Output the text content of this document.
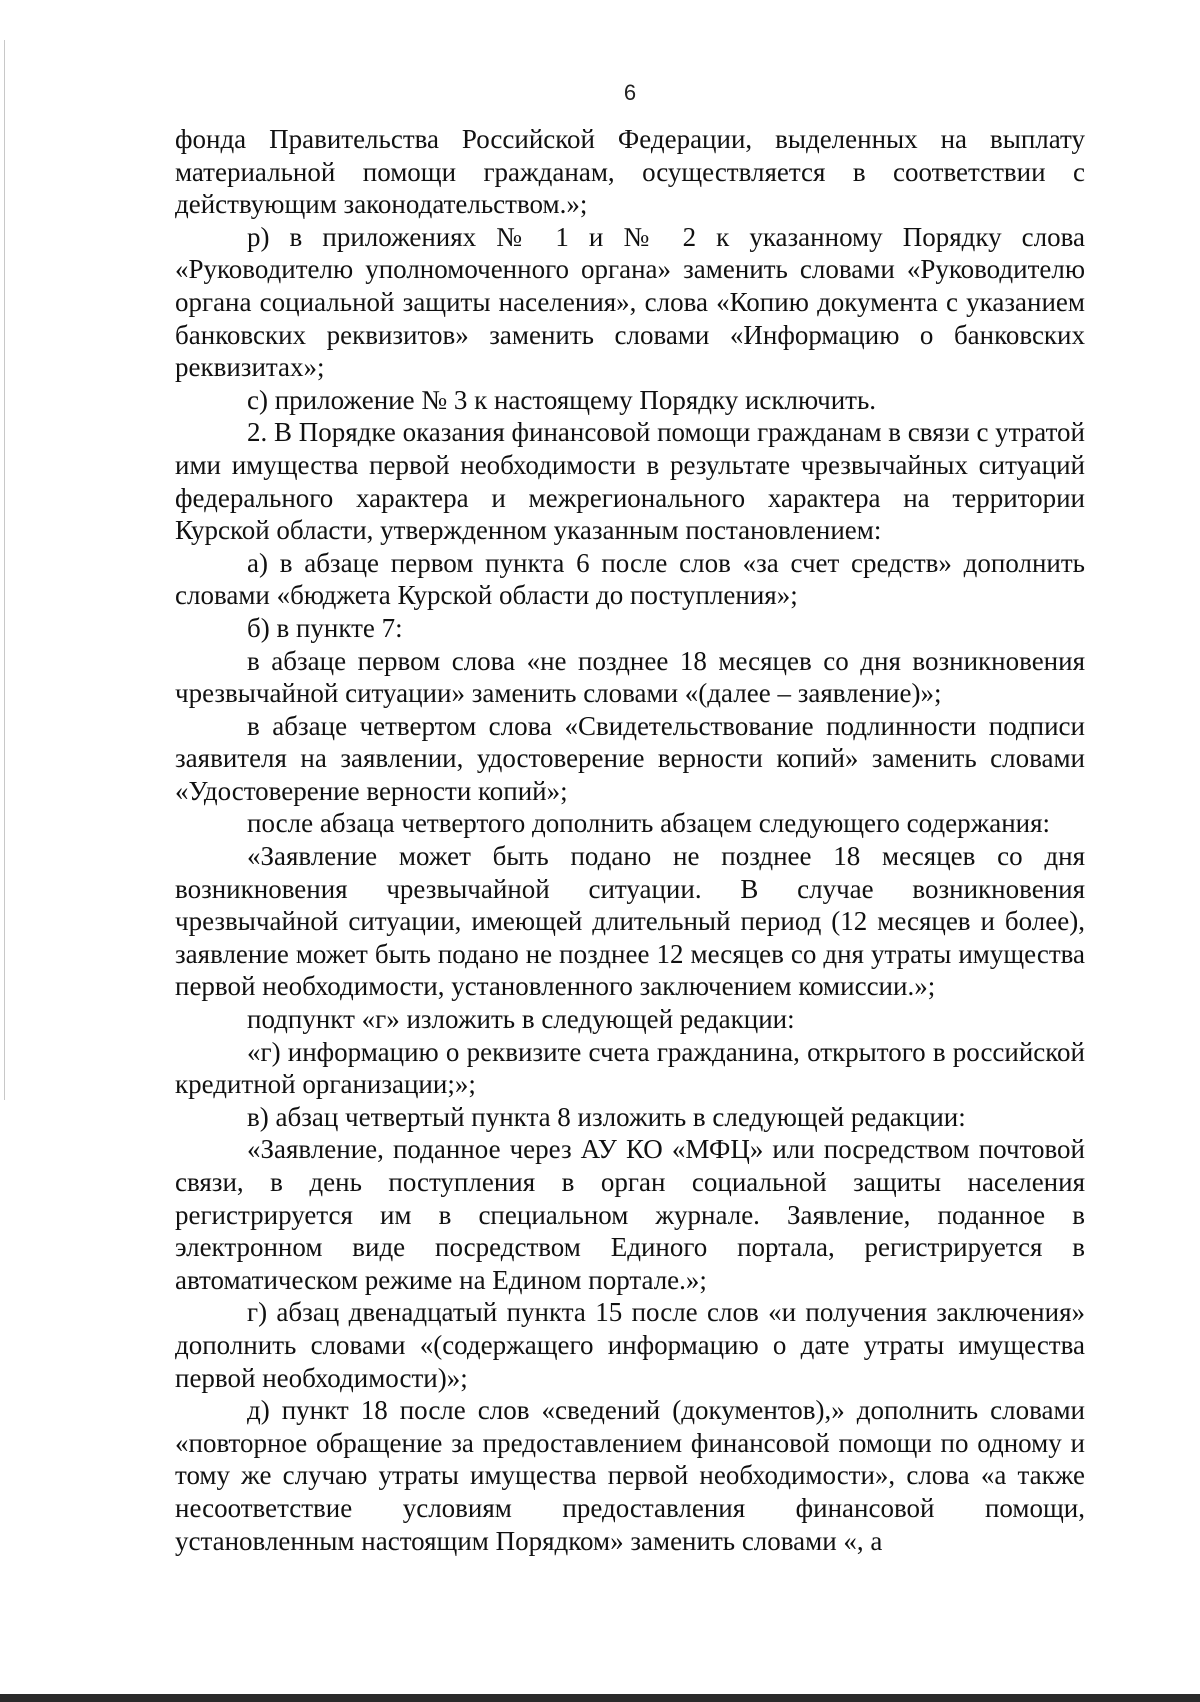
6

фонда Правительства Российской Федерации, выделенных на выплату материальной помощи гражданам, осуществляется в соответствии с действующим законодательством.»;

р) в приложениях № 1 и № 2 к указанному Порядку слова «Руководителю уполномоченного органа» заменить словами «Руководителю органа социальной защиты населения», слова «Копию документа с указанием банковских реквизитов» заменить словами «Информацию о банковских реквизитах»;

с) приложение № 3 к настоящему Порядку исключить.

2. В Порядке оказания финансовой помощи гражданам в связи с утратой ими имущества первой необходимости в результате чрезвычайных ситуаций федерального характера и межрегионального характера на территории Курской области, утвержденном указанным постановлением:

а) в абзаце первом пункта 6 после слов «за счет средств» дополнить словами «бюджета Курской области до поступления»;

б) в пункте 7:

в абзаце первом слова «не позднее 18 месяцев со дня возникновения чрезвычайной ситуации» заменить словами «(далее – заявление)»;

в абзаце четвертом слова «Свидетельствование подлинности подписи заявителя на заявлении, удостоверение верности копий» заменить словами «Удостоверение верности копий»;

после абзаца четвертого дополнить абзацем следующего содержания:

«Заявление может быть подано не позднее 18 месяцев со дня возникновения чрезвычайной ситуации. В случае возникновения чрезвычайной ситуации, имеющей длительный период (12 месяцев и более), заявление может быть подано не позднее 12 месяцев со дня утраты имущества первой необходимости, установленного заключением комиссии.»;

подпункт «г» изложить в следующей редакции:

«г) информацию о реквизите счета гражданина, открытого в российской кредитной организации;»;

в) абзац четвертый пункта 8 изложить в следующей редакции:

«Заявление, поданное через АУ КО «МФЦ» или посредством почтовой связи, в день поступления в орган социальной защиты населения регистрируется им в специальном журнале. Заявление, поданное в электронном виде посредством Единого портала, регистрируется в автоматическом режиме на Едином портале.»;

г) абзац двенадцатый пункта 15 после слов «и получения заключения» дополнить словами «(содержащего информацию о дате утраты имущества первой необходимости)»;

д) пункт 18 после слов «сведений (документов),» дополнить словами «повторное обращение за предоставлением финансовой помощи по одному и тому же случаю утраты имущества первой необходимости», слова «а также несоответствие условиям предоставления финансовой помощи, установленным настоящим Порядком» заменить словами «, а
